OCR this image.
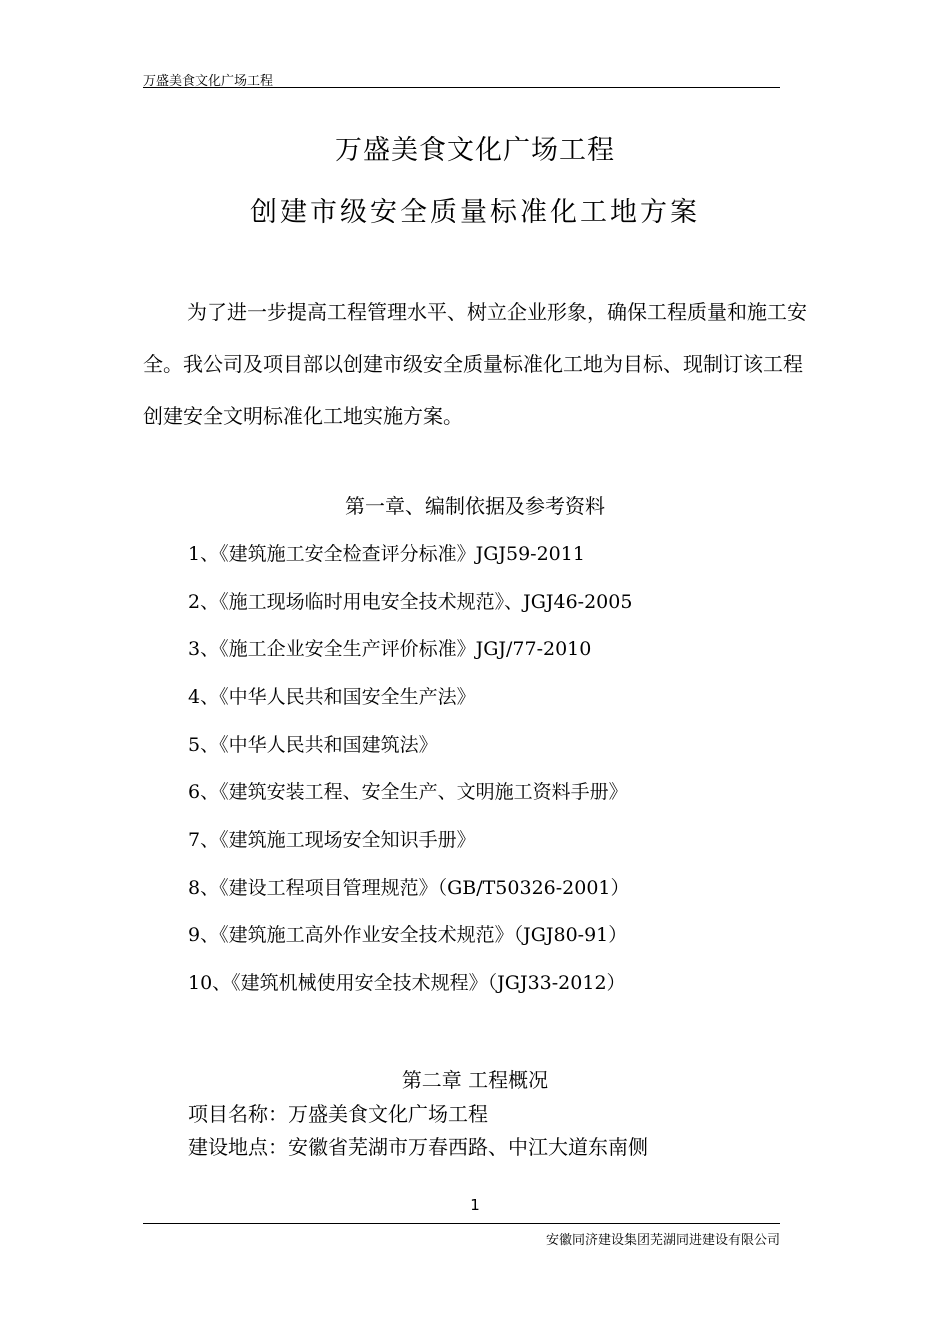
万盛美食文化广场工程
万盛美食文化广场工程
创建市级安全质量标准化工地方案
为了进一步提高工程管理水平、树立企业形象，确保工程质量和施工安全。我公司及项目部以创建市级安全质量标准化工地为目标、现制订该工程创建安全文明标准化工地实施方案。
第一章、编制依据及参考资料
1、《建筑施工安全检查评分标准》JGJ59-2011
2、《施工现场临时用电安全技术规范》、JGJ46-2005
3、《施工企业安全生产评价标准》JGJ/77-2010
4、《中华人民共和国安全生产法》
5、《中华人民共和国建筑法》
6、《建筑安装工程、安全生产、文明施工资料手册》
7、《建筑施工现场安全知识手册》
8、《建设工程项目管理规范》（GB/T50326-2001）
9、《建筑施工高外作业安全技术规范》（JGJ80-91）
10、《建筑机械使用安全技术规程》（JGJ33-2012）
第二章 工程概况
项目名称：万盛美食文化广场工程
建设地点：安徽省芜湖市万春西路、中江大道东南侧
1
安徽同济建设集团芜湖同进建设有限公司
